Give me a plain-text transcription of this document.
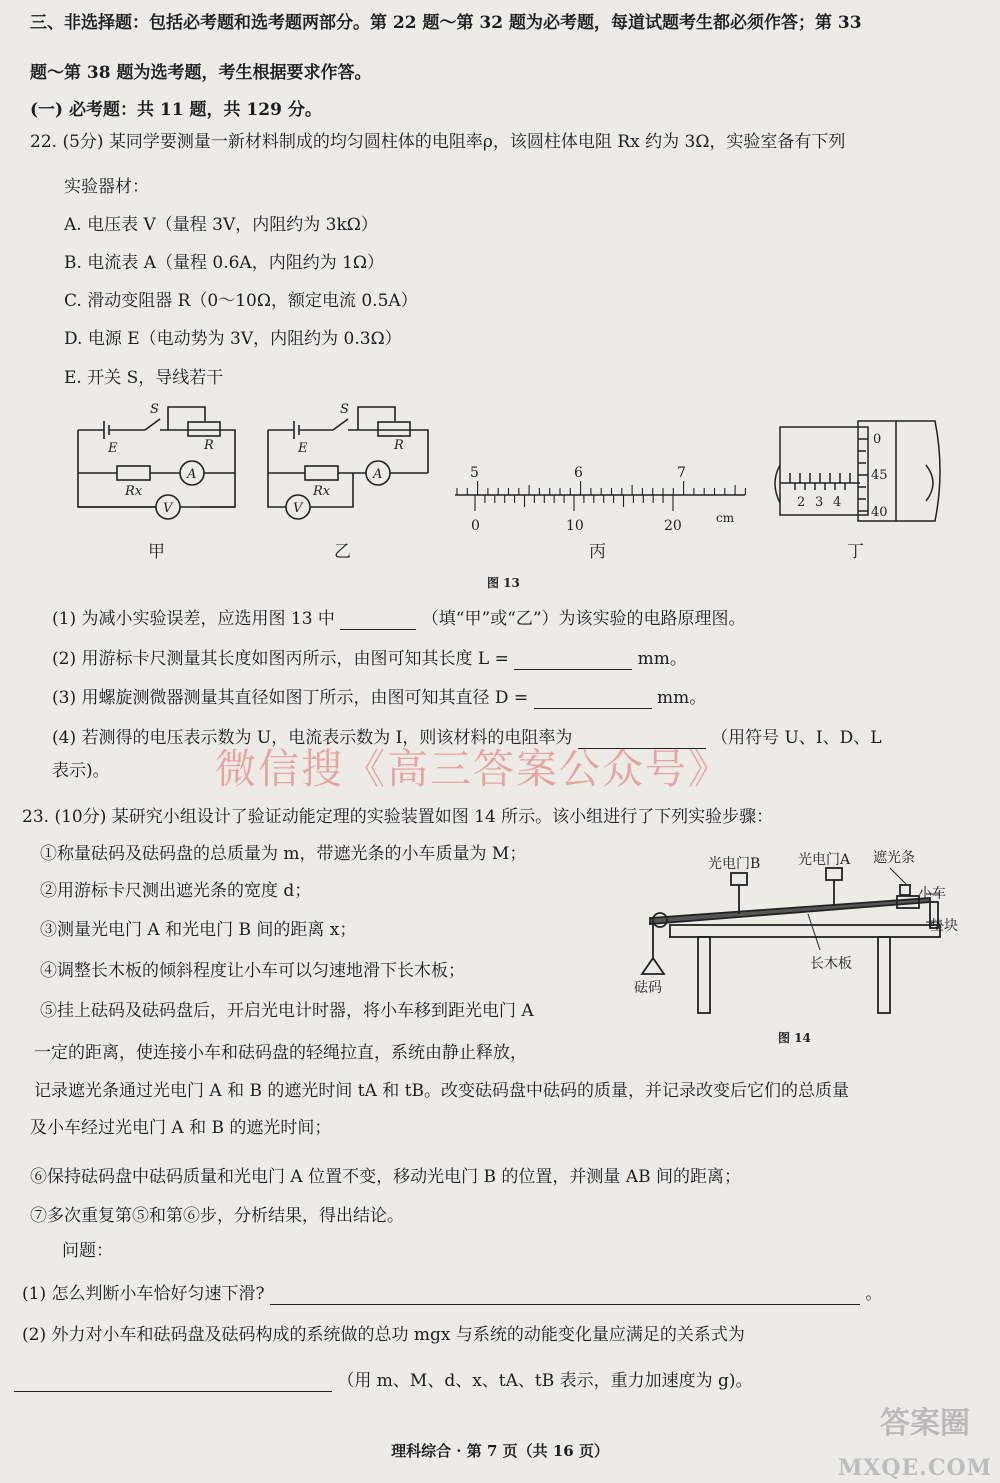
三、非选择题：包括必考题和选考题两部分。第 22 题～第 32 题为必考题，每道试题考生都必须作答；第 33
题～第 38 题为选考题，考生根据要求作答。
(一) 必考题：共 11 题，共 129 分。
22. (5分) 某同学要测量一新材料制成的均匀圆柱体的电阻率ρ，该圆柱体电阻 Rx 约为 3Ω，实验室备有下列
实验器材：
A. 电压表 V（量程 3V，内阻约为 3kΩ）
B. 电流表 A（量程 0.6A，内阻约为 1Ω）
C. 滑动变阻器 R（0～10Ω，额定电流 0.5A）
D. 电源 E（电动势为 3V，内阻约为 0.3Ω）
E. 开关 S，导线若干
E
S
R
Rx
A
V
E
S
R
Rx
A
V
5	6	7
0	10	20	cm
2 3 4
0
45
40
甲	乙	丙	丁
图 13
(1) 为减小实验误差，应选用图 13 中	（填“甲”或“乙”）为该实验的电路原理图。
(2) 用游标卡尺测量其长度如图丙所示，由图可知其长度 L =	mm。
(3) 用螺旋测微器测量其直径如图丁所示，由图可知其直径 D =	mm。
(4) 若测得的电压表示数为 U，电流表示数为 I，则该材料的电阻率为	（用符号 U、I、D、L
表示)。	微信搜《高三答案公众号》
23. (10分) 某研究小组设计了验证动能定理的实验装置如图 14 所示。该小组进行了下列实验步骤：
①称量砝码及砝码盘的总质量为 m，带遮光条的小车质量为 M；
②用游标卡尺测出遮光条的宽度 d；
③测量光电门 A 和光电门 B 间的距离 x；
④调整长木板的倾斜程度让小车可以匀速地滑下长木板；
⑤挂上砝码及砝码盘后，开启光电计时器，将小车移到距光电门 A
一定的距离，使连接小车和砝码盘的轻绳拉直，系统由静止释放，
记录遮光条通过光电门 A 和 B 的遮光时间 tA 和 tB。改变砝码盘中砝码的质量，并记录改变后它们的总质量
及小车经过光电门 A 和 B 的遮光时间；
⑥保持砝码盘中砝码质量和光电门 A 位置不变，移动光电门 B 的位置，并测量 AB 间的距离；
⑦多次重复第⑤和第⑥步，分析结果，得出结论。
光电门B	光电门A 遮光条
小车
垫块
长木板
砝码
图 14
问题：
(1) 怎么判断小车恰好匀速下滑?	。
(2) 外力对小车和砝码盘及砝码构成的系统做的总功 mgx 与系统的动能变化量应满足的关系式为
（用 m、M、d、x、tA、tB 表示，重力加速度为 g)。
理科综合 · 第 7 页（共 16 页）
答案圈
MXQE.COM
